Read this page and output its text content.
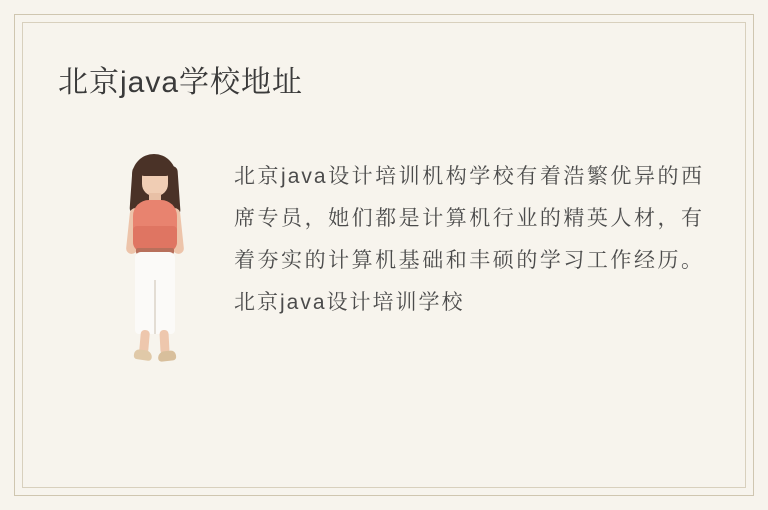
北京java学校地址
北京java设计培训机构学校有着浩繁优异的西席专员，她们都是计算机行业的精英人材，有着夯实的计算机基础和丰硕的学习工作经历。北京java设计培训学校
